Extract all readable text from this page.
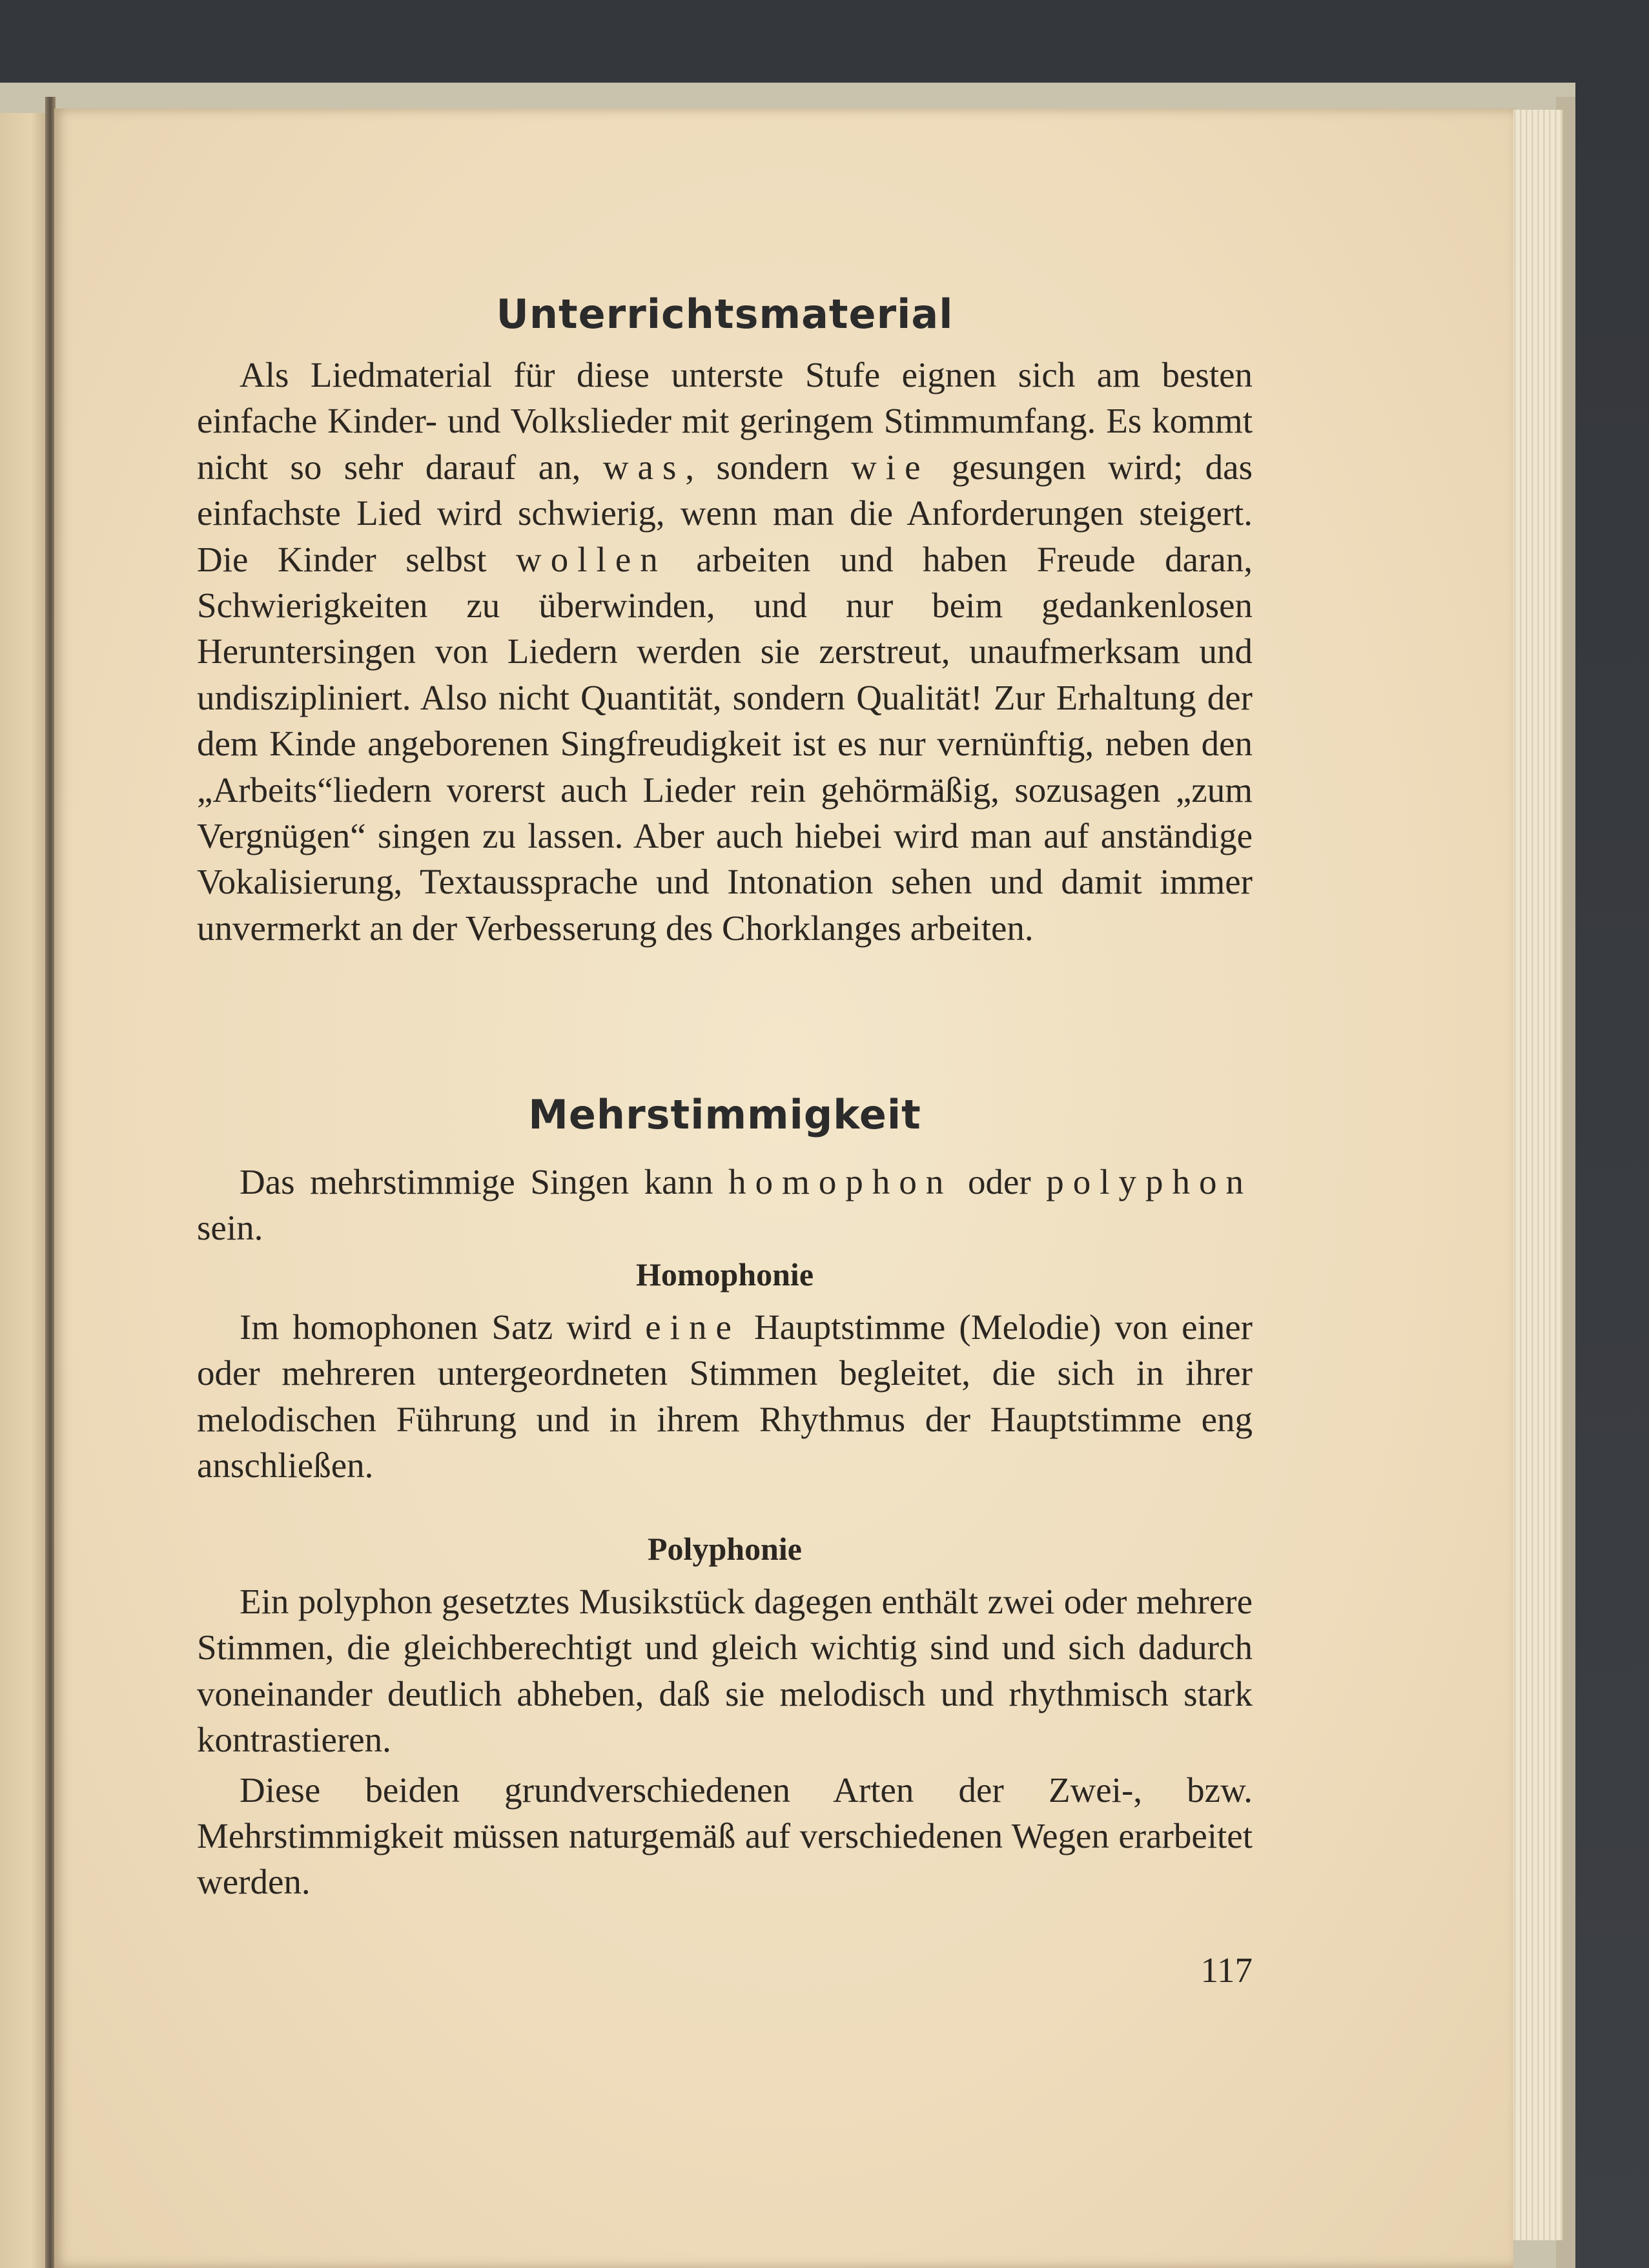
Unterrichtsmaterial

Als Liedmaterial für diese unterste Stufe eignen sich am besten einfache Kinder- und Volkslieder mit geringem Stimmumfang. Es kommt nicht so sehr darauf an, was, sondern wie gesungen wird; das einfachste Lied wird schwierig, wenn man die Anforderungen steigert. Die Kinder selbst wollen arbeiten und haben Freude daran, Schwierigkeiten zu überwinden, und nur beim gedankenlosen Heruntersingen von Liedern werden sie zerstreut, unaufmerksam und undiszipliniert. Also nicht Quantität, sondern Qualität! Zur Erhaltung der dem Kinde angeborenen Singfreudigkeit ist es nur vernünftig, neben den „Arbeits“liedern vorerst auch Lieder rein gehörmäßig, sozusagen „zum Vergnügen“ singen zu lassen. Aber auch hiebei wird man auf anständige Vokalisierung, Textaussprache und Intonation sehen und damit immer unvermerkt an der Verbesserung des Chorklanges arbeiten.

Mehrstimmigkeit

Das mehrstimmige Singen kann homophon oder polyphon sein.

Homophonie

Im homophonen Satz wird eine Hauptstimme (Melodie) von einer oder mehreren untergeordneten Stimmen begleitet, die sich in ihrer melodischen Führung und in ihrem Rhythmus der Hauptstimme eng anschließen.

Polyphonie

Ein polyphon gesetztes Musikstück dagegen enthält zwei oder mehrere Stimmen, die gleichberechtigt und gleich wichtig sind und sich dadurch voneinander deutlich abheben, daß sie melodisch und rhythmisch stark kontrastieren.

Diese beiden grundverschiedenen Arten der Zwei-, bzw. Mehrstimmigkeit müssen naturgemäß auf verschiedenen Wegen erarbeitet werden.

117
